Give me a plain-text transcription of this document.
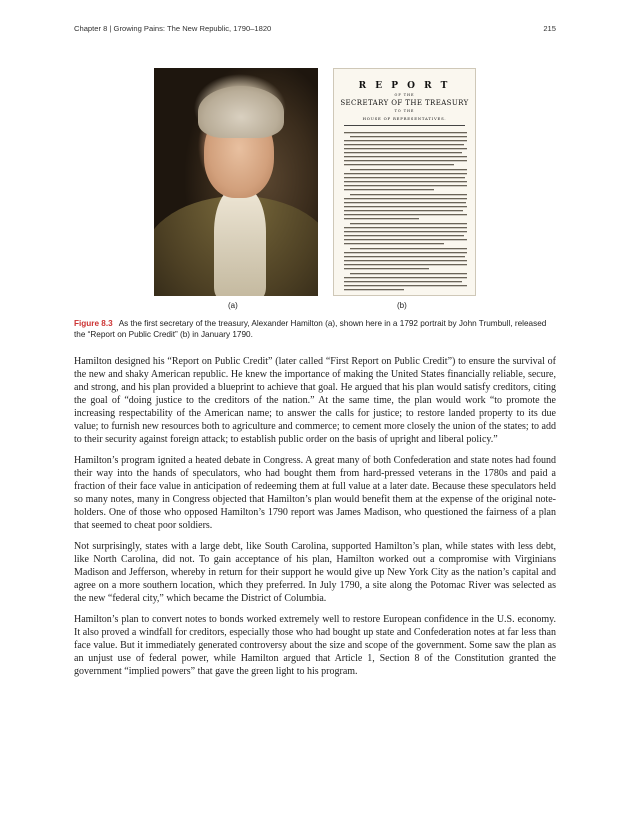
Chapter 8 | Growing Pains: The New Republic, 1790–1820	215
R E P O R T
OF THE
SECRETARY OF THE TREASURY
TO THE
HOUSE OF REPRESENTATIVES.
(a)	(b)
Figure 8.3 As the first secretary of the treasury, Alexander Hamilton (a), shown here in a 1792 portrait by John Trumbull, released the “Report on Public Credit” (b) in January 1790.

Hamilton designed his “Report on Public Credit” (later called “First Report on Public Credit”) to ensure the survival of the new and shaky American republic. He knew the importance of making the United States financially reliable, secure, and strong, and his plan provided a blueprint to achieve that goal. He argued that his plan would satisfy creditors, citing the goal of “doing justice to the creditors of the nation.” At the same time, the plan would work “to promote the increasing respectability of the American name; to answer the calls for justice; to restore landed property to its due value; to furnish new resources both to agriculture and commerce; to cement more closely the union of the states; to add to their security against foreign attack; to establish public order on the basis of upright and liberal policy.”

Hamilton’s program ignited a heated debate in Congress. A great many of both Confederation and state notes had found their way into the hands of speculators, who had bought them from hard-pressed veterans in the 1780s and paid a fraction of their face value in anticipation of redeeming them at full value at a later date. Because these speculators held so many notes, many in Congress objected that Hamilton’s plan would benefit them at the expense of the original note-holders. One of those who opposed Hamilton’s 1790 report was James Madison, who questioned the fairness of a plan that seemed to cheat poor soldiers.

Not surprisingly, states with a large debt, like South Carolina, supported Hamilton’s plan, while states with less debt, like North Carolina, did not. To gain acceptance of his plan, Hamilton worked out a compromise with Virginians Madison and Jefferson, whereby in return for their support he would give up New York City as the nation’s capital and agree on a more southern location, which they preferred. In July 1790, a site along the Potomac River was selected as the new “federal city,” which became the District of Columbia.

Hamilton’s plan to convert notes to bonds worked extremely well to restore European confidence in the U.S. economy. It also proved a windfall for creditors, especially those who had bought up state and Confederation notes at far less than face value. But it immediately generated controversy about the size and scope of the government. Some saw the plan as an unjust use of federal power, while Hamilton argued that Article 1, Section 8 of the Constitution granted the government “implied powers” that gave the green light to his program.
